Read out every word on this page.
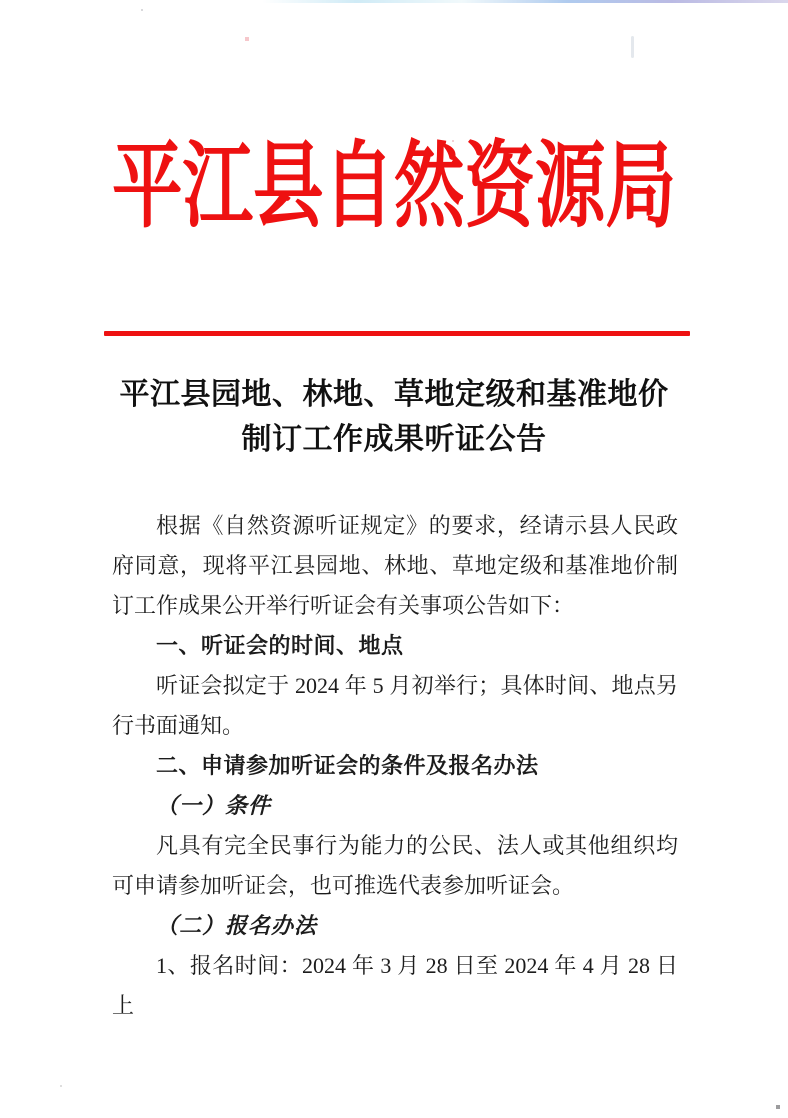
平江县自然资源局
平江县园地、林地、草地定级和基准地价
制订工作成果听证公告

根据《自然资源听证规定》的要求，经请示县人民政府同意，现将平江县园地、林地、草地定级和基准地价制订工作成果公开举行听证会有关事项公告如下：

一、听证会的时间、地点

听证会拟定于 2024 年 5 月初举行；具体时间、地点另行书面通知。

二、申请参加听证会的条件及报名办法

（一）条件

凡具有完全民事行为能力的公民、法人或其他组织均可申请参加听证会，也可推选代表参加听证会。

（二）报名办法

1、报名时间：2024 年 3 月 28 日至 2024 年 4 月 28 日上
